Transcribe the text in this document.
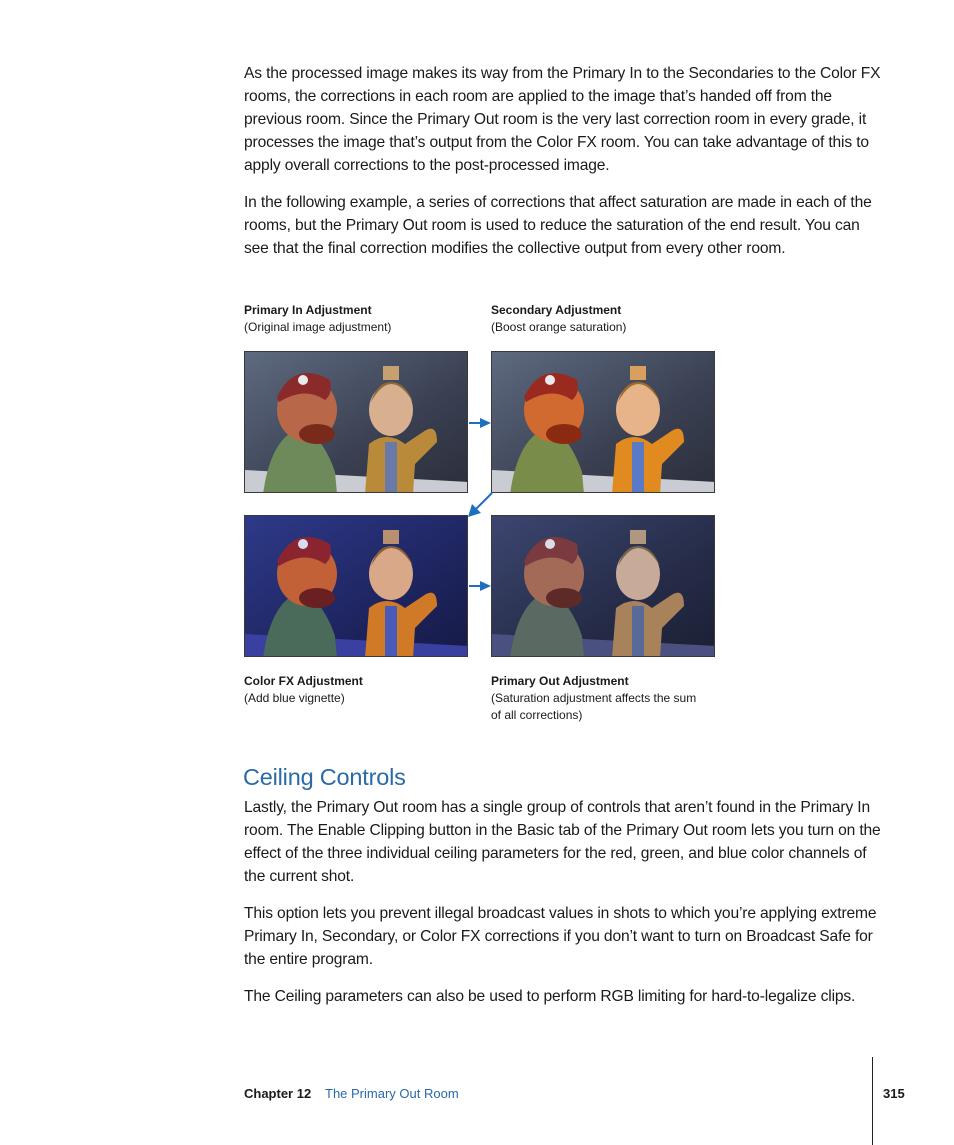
As the processed image makes its way from the Primary In to the Secondaries to the Color FX rooms, the corrections in each room are applied to the image that’s handed off from the previous room. Since the Primary Out room is the very last correction room in every grade, it processes the image that’s output from the Color FX room. You can take advantage of this to apply overall corrections to the post-processed image.

In the following example, a series of corrections that affect saturation are made in each of the rooms, but the Primary Out room is used to reduce the saturation of the end result. You can see that the final correction modifies the collective output from every other room.

Primary In Adjustment
(Original image adjustment)
Secondary Adjustment
(Boost orange saturation)
Color FX Adjustment
(Add blue vignette)
Primary Out Adjustment
(Saturation adjustment affects the sum
of all corrections)
Ceiling Controls

Lastly, the Primary Out room has a single group of controls that aren’t found in the Primary In room. The Enable Clipping button in the Basic tab of the Primary Out room lets you turn on the effect of the three individual ceiling parameters for the red, green, and blue color channels of the current shot.

This option lets you prevent illegal broadcast values in shots to which you’re applying extreme Primary In, Secondary, or Color FX corrections if you don’t want to turn on Broadcast Safe for the entire program.

The Ceiling parameters can also be used to perform RGB limiting for hard-to-legalize clips.

Chapter 12 The Primary Out Room	315
